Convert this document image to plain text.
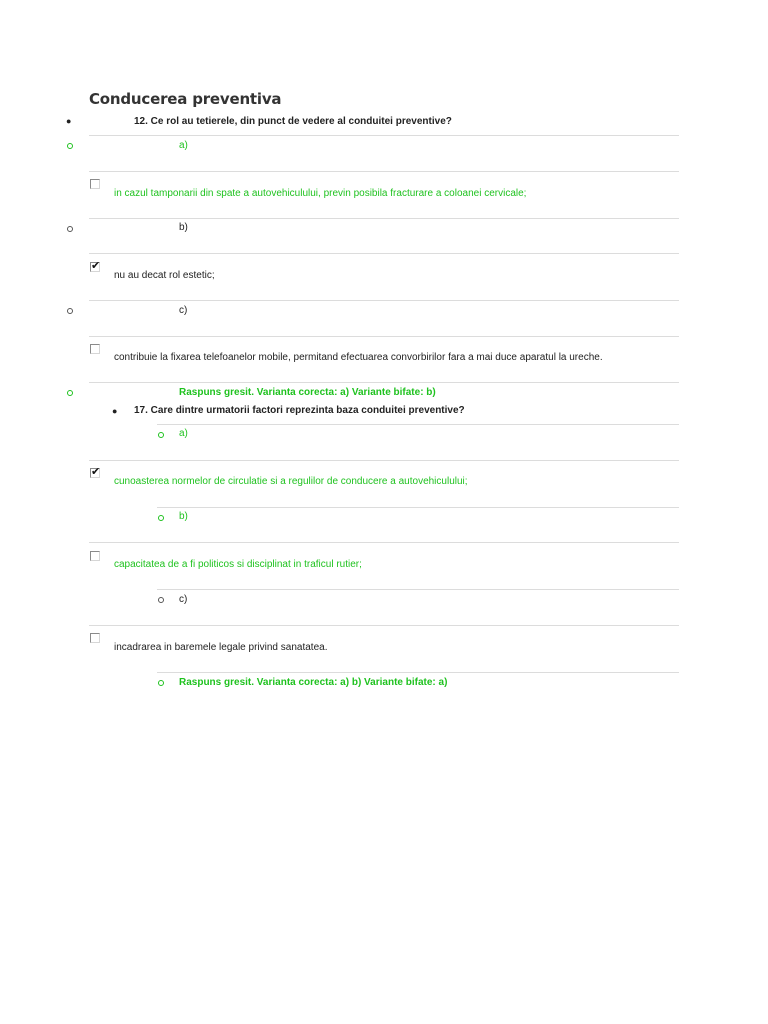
Conducerea preventiva
●	12. Ce rol au tetierele, din punct de vedere al conduitei preventive?
a)
in cazul tamponarii din spate a autovehiculului, previn posibila fracturare a coloanei cervicale;
b)
✔
nu au decat rol estetic;
c)
contribuie la fixarea telefoanelor mobile, permitand efectuarea convorbirilor fara a mai duce aparatul la ureche.
Raspuns gresit. Varianta corecta: a) Variante bifate: b)
● 17. Care dintre urmatorii factori reprezinta baza conduitei preventive?
a)
✔
cunoasterea normelor de circulatie si a regulilor de conducere a autovehiculului;
b)
capacitatea de a fi politicos si disciplinat in traficul rutier;
c)
incadrarea in baremele legale privind sanatatea.
Raspuns gresit. Varianta corecta: a) b) Variante bifate: a)
